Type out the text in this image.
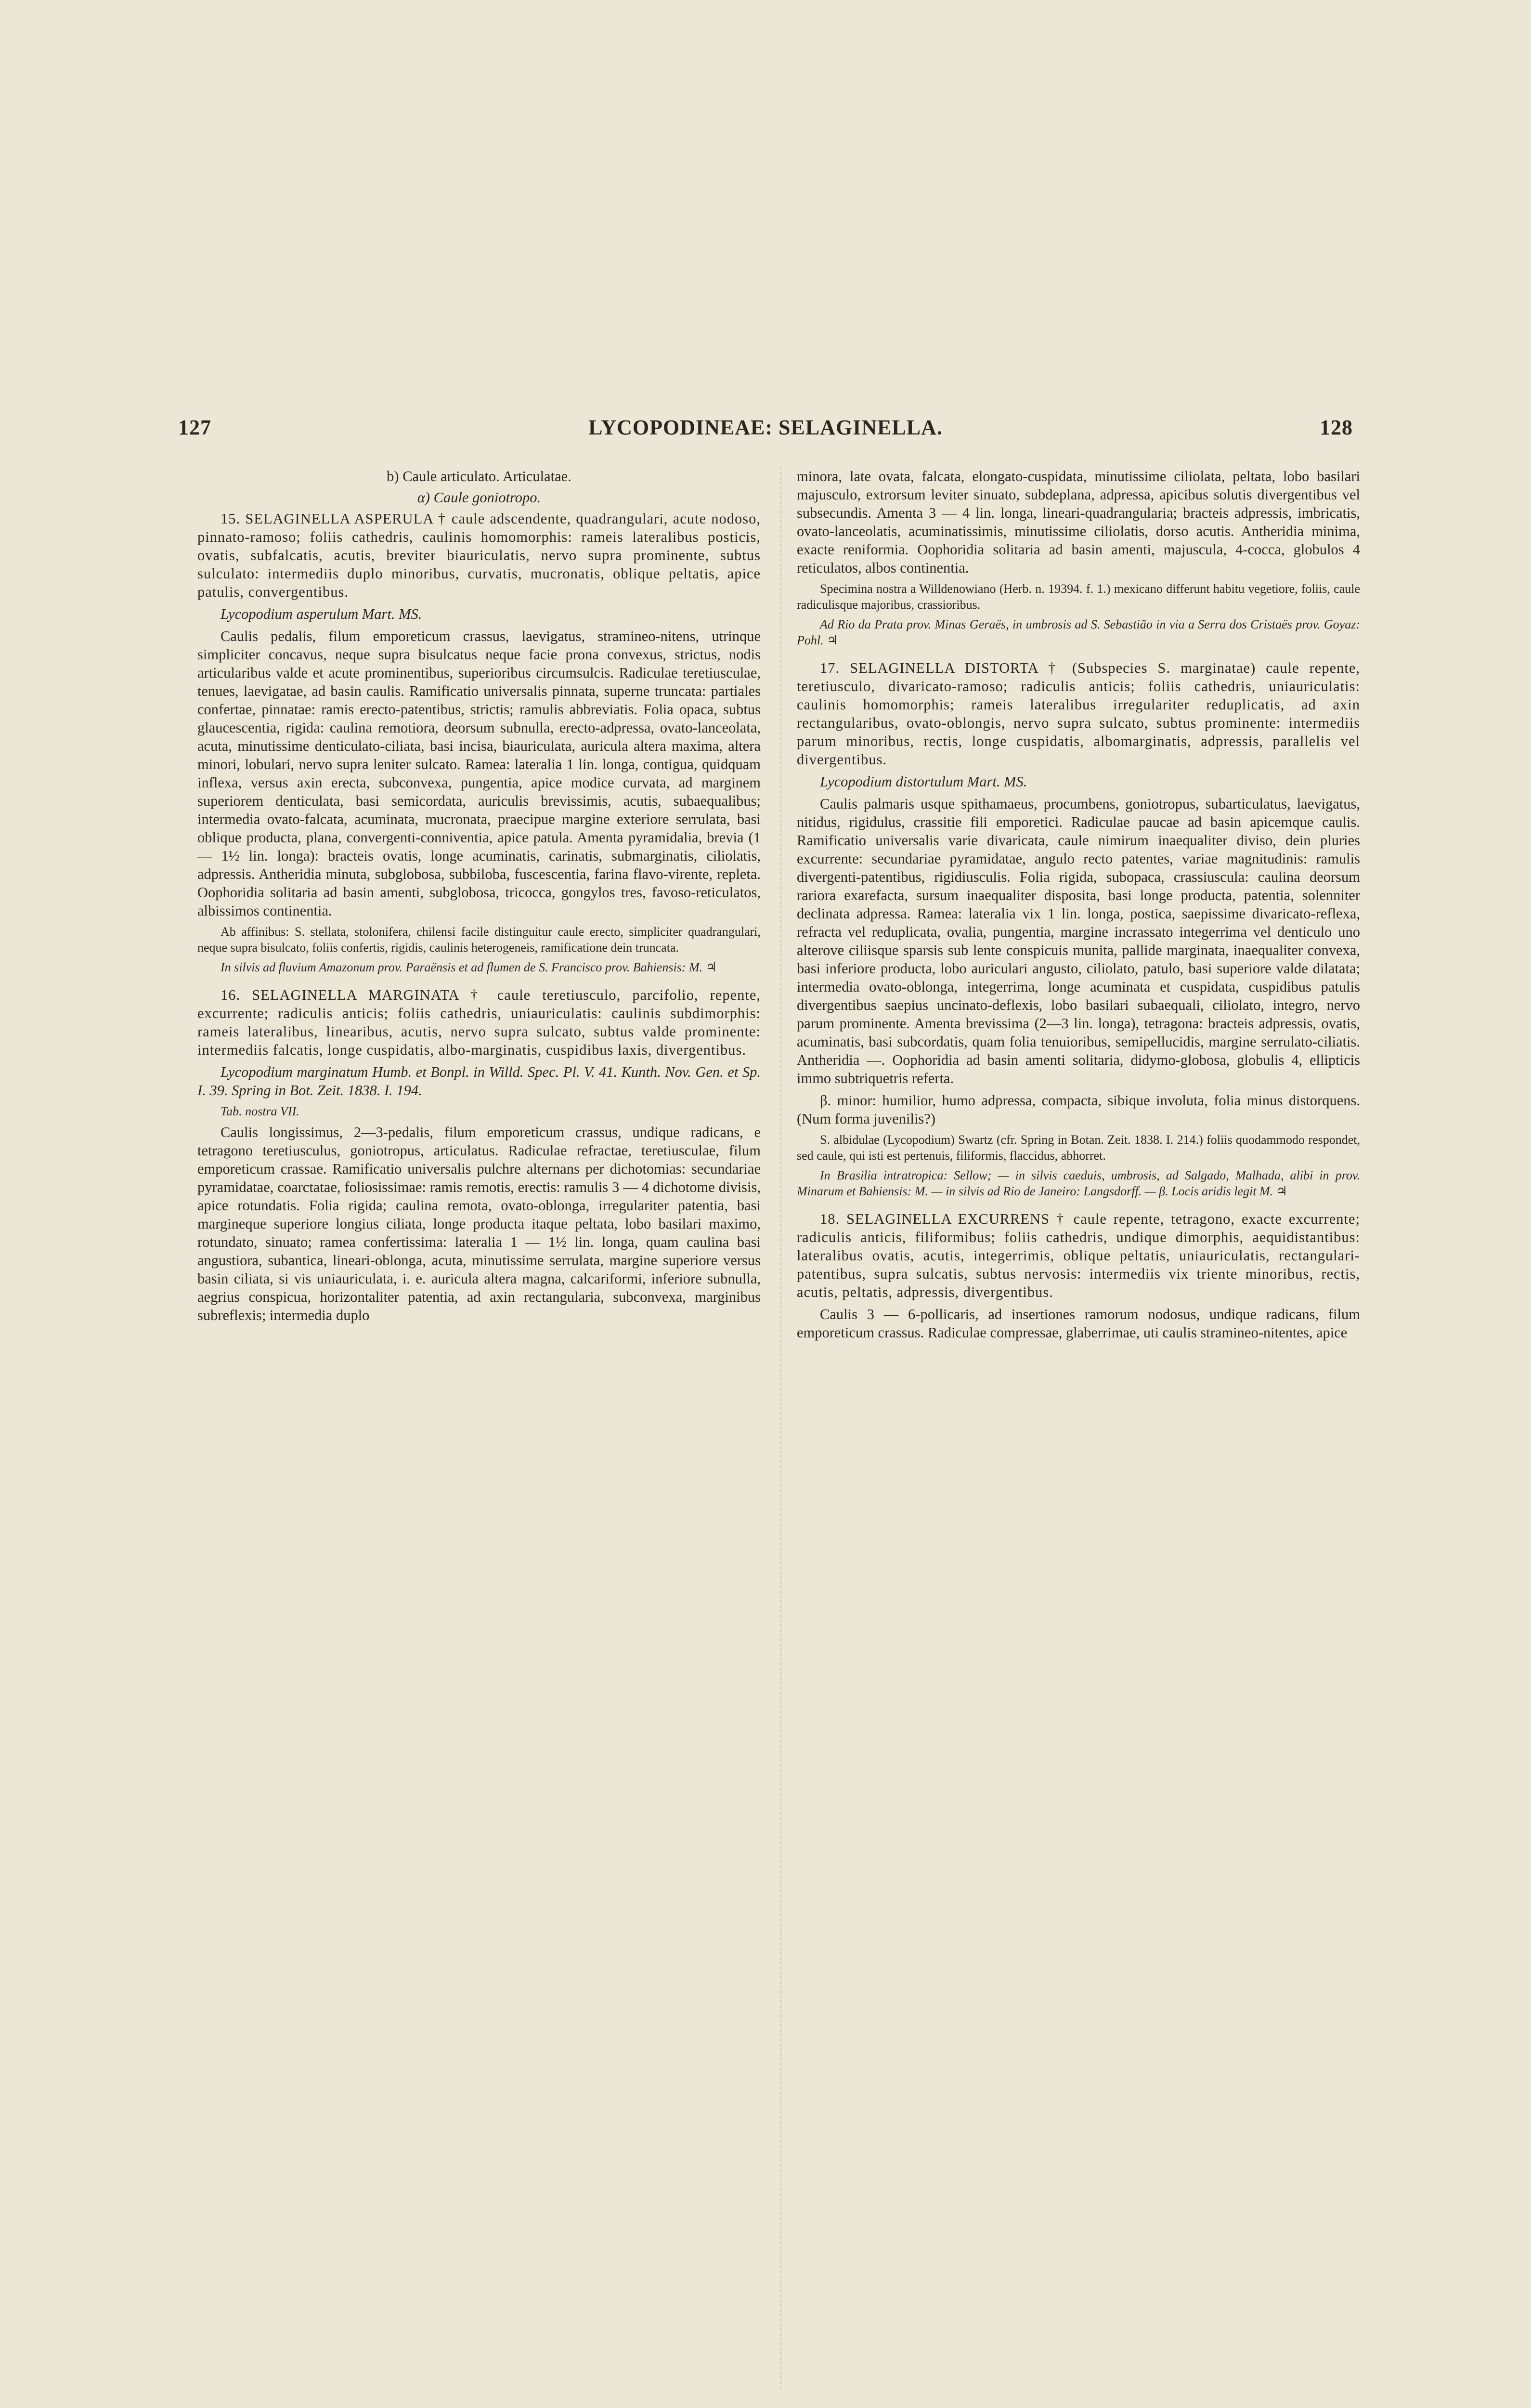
127	LYCOPODINEAE: SELAGINELLA.	128

b) Caule articulato. Articulatae.

α) Caule goniotropo.

15. SELAGINELLA ASPERULA † caule adscendente, quadrangulari, acute nodoso, pinnato-ramoso; foliis cathedris, caulinis homomorphis: rameis lateralibus posticis, ovatis, subfalcatis, acutis, breviter biauriculatis, nervo supra prominente, subtus sulculato: intermediis duplo minoribus, curvatis, mucronatis, oblique peltatis, apice patulis, convergentibus.

Lycopodium asperulum Mart. MS.

Caulis pedalis, filum emporeticum crassus, laevigatus, stramineo-nitens, utrinque simpliciter concavus, neque supra bisulcatus neque facie prona convexus, strictus, nodis articularibus valde et acute prominentibus, superioribus circumsulcis. Radiculae teretiusculae, tenues, laevigatae, ad basin caulis. Ramificatio universalis pinnata, superne truncata: partiales confertae, pinnatae: ramis erecto-patentibus, strictis; ramulis abbreviatis. Folia opaca, subtus glaucescentia, rigida: caulina remotiora, deorsum subnulla, erecto-adpressa, ovato-lanceolata, acuta, minutissime denticulato-ciliata, basi incisa, biauriculata, auricula altera maxima, altera minori, lobulari, nervo supra leniter sulcato. Ramea: lateralia 1 lin. longa, contigua, quidquam inflexa, versus axin erecta, subconvexa, pungentia, apice modice curvata, ad marginem superiorem denticulata, basi semicordata, auriculis brevissimis, acutis, subaequalibus; intermedia ovato-falcata, acuminata, mucronata, praecipue margine exteriore serrulata, basi oblique producta, plana, convergenti-conniventia, apice patula. Amenta pyramidalia, brevia (1 — 1½ lin. longa): bracteis ovatis, longe acuminatis, carinatis, submarginatis, ciliolatis, adpressis. Antheridia minuta, subglobosa, subbiloba, fuscescentia, farina flavo-virente, repleta. Oophoridia solitaria ad basin amenti, subglobosa, tricocca, gongylos tres, favoso-reticulatos, albissimos continentia.

Ab affinibus: S. stellata, stolonifera, chilensi facile distinguitur caule erecto, simpliciter quadrangulari, neque supra bisulcato, foliis confertis, rigidis, caulinis heterogeneis, ramificatione dein truncata.

In silvis ad fluvium Amazonum prov. Paraënsis et ad flumen de S. Francisco prov. Bahiensis: M. ♃

16. SELAGINELLA MARGINATA † caule teretiusculo, parcifolio, repente, excurrente; radiculis anticis; foliis cathedris, uniauriculatis: caulinis subdimorphis: rameis lateralibus, linearibus, acutis, nervo supra sulcato, subtus valde prominente: intermediis falcatis, longe cuspidatis, albo-marginatis, cuspidibus laxis, divergentibus.

Lycopodium marginatum Humb. et Bonpl. in Willd. Spec. Pl. V. 41. Kunth. Nov. Gen. et Sp. I. 39. Spring in Bot. Zeit. 1838. I. 194.

Tab. nostra VII.

Caulis longissimus, 2—3-pedalis, filum emporeticum crassus, undique radicans, e tetragono teretiusculus, goniotropus, articulatus. Radiculae refractae, teretiusculae, filum emporeticum crassae. Ramificatio universalis pulchre alternans per dichotomias: secundariae pyramidatae, coarctatae, foliosissimae: ramis remotis, erectis: ramulis 3 — 4 dichotome divisis, apice rotundatis. Folia rigida; caulina remota, ovato-oblonga, irregulariter patentia, basi margineque superiore longius ciliata, longe producta itaque peltata, lobo basilari maximo, rotundato, sinuato; ramea confertissima: lateralia 1 — 1½ lin. longa, quam caulina basi angustiora, subantica, lineari-oblonga, acuta, minutissime serrulata, margine superiore versus basin ciliata, si vis uniauriculata, i. e. auricula altera magna, calcariformi, inferiore subnulla, aegrius conspicua, horizontaliter patentia, ad axin rectangularia, subconvexa, marginibus subreflexis; intermedia duplo

minora, late ovata, falcata, elongato-cuspidata, minutissime ciliolata, peltata, lobo basilari majusculo, extrorsum leviter sinuato, subdeplana, adpressa, apicibus solutis divergentibus vel subsecundis. Amenta 3 — 4 lin. longa, lineari-quadrangularia; bracteis adpressis, imbricatis, ovato-lanceolatis, acuminatissimis, minutissime ciliolatis, dorso acutis. Antheridia minima, exacte reniformia. Oophoridia solitaria ad basin amenti, majuscula, 4-cocca, globulos 4 reticulatos, albos continentia.

Specimina nostra a Willdenowiano (Herb. n. 19394. f. 1.) mexicano differunt habitu vegetiore, foliis, caule radiculisque majoribus, crassioribus.

Ad Rio da Prata prov. Minas Geraës, in umbrosis ad S. Sebastião in via a Serra dos Cristaës prov. Goyaz: Pohl. ♃

17. SELAGINELLA DISTORTA † (Subspecies S. marginatae) caule repente, teretiusculo, divaricato-ramoso; radiculis anticis; foliis cathedris, uniauriculatis: caulinis homomorphis; rameis lateralibus irregulariter reduplicatis, ad axin rectangularibus, ovato-oblongis, nervo supra sulcato, subtus prominente: intermediis parum minoribus, rectis, longe cuspidatis, albomarginatis, adpressis, parallelis vel divergentibus.

Lycopodium distortulum Mart. MS.

Caulis palmaris usque spithamaeus, procumbens, goniotropus, subarticulatus, laevigatus, nitidus, rigidulus, crassitie fili emporetici. Radiculae paucae ad basin apicemque caulis. Ramificatio universalis varie divaricata, caule nimirum inaequaliter diviso, dein pluries excurrente: secundariae pyramidatae, angulo recto patentes, variae magnitudinis: ramulis divergenti-patentibus, rigidiusculis. Folia rigida, subopaca, crassiuscula: caulina deorsum rariora exarefacta, sursum inaequaliter disposita, basi longe producta, patentia, solenniter declinata adpressa. Ramea: lateralia vix 1 lin. longa, postica, saepissime divaricato-reflexa, refracta vel reduplicata, ovalia, pungentia, margine incrassato integerrima vel denticulo uno alterove ciliisque sparsis sub lente conspicuis munita, pallide marginata, inaequaliter convexa, basi inferiore producta, lobo auriculari angusto, ciliolato, patulo, basi superiore valde dilatata; intermedia ovato-oblonga, integerrima, longe acuminata et cuspidata, cuspidibus patulis divergentibus saepius uncinato-deflexis, lobo basilari subaequali, ciliolato, integro, nervo parum prominente. Amenta brevissima (2—3 lin. longa), tetragona: bracteis adpressis, ovatis, acuminatis, basi subcordatis, quam folia tenuioribus, semipellucidis, margine serrulato-ciliatis. Antheridia —. Oophoridia ad basin amenti solitaria, didymo-globosa, globulis 4, ellipticis immo subtriquetris referta.

β. minor: humilior, humo adpressa, compacta, sibique involuta, folia minus distorquens. (Num forma juvenilis?)

S. albidulae (Lycopodium) Swartz (cfr. Spring in Botan. Zeit. 1838. I. 214.) foliis quodammodo respondet, sed caule, qui isti est pertenuis, filiformis, flaccidus, abhorret.

In Brasilia intratropica: Sellow; — in silvis caeduis, umbrosis, ad Salgado, Malhada, alibi in prov. Minarum et Bahiensis: M. — in silvis ad Rio de Janeiro: Langsdorff. — β. Locis aridis legit M. ♃

18. SELAGINELLA EXCURRENS † caule repente, tetragono, exacte excurrente; radiculis anticis, filiformibus; foliis cathedris, undique dimorphis, aequidistantibus: lateralibus ovatis, acutis, integerrimis, oblique peltatis, uniauriculatis, rectangulari-patentibus, supra sulcatis, subtus nervosis: intermediis vix triente minoribus, rectis, acutis, peltatis, adpressis, divergentibus.

Caulis 3 — 6-pollicaris, ad insertiones ramorum nodosus, undique radicans, filum emporeticum crassus. Radiculae compressae, glaberrimae, uti caulis stramineo-nitentes, apice
